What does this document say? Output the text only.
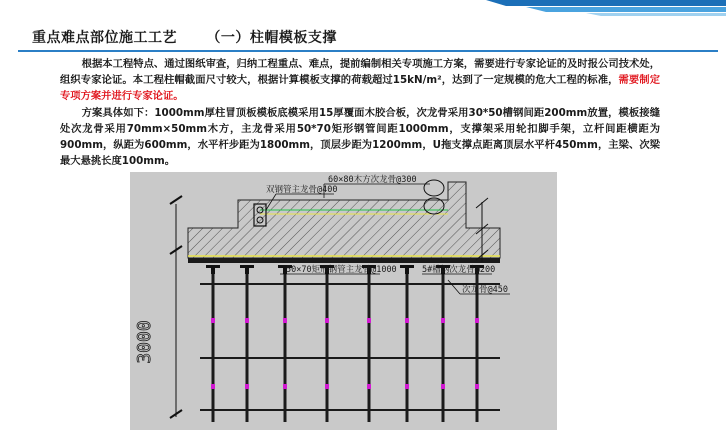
重点难点部位施工工艺 （一）柱帽模板支撑

根据本工程特点、通过图纸审查，归纳工程重点、难点，提前编制相关专项施工方案，需要进行专家论证的及时报公司技术处，组织专家论证。本工程柱帽截面尺寸较大，根据计算模板支撑的荷载超过15kN/m²，达到了一定规模的危大工程的标准，需要制定专项方案并进行专家论证。

方案具体如下：1000mm厚柱冒顶板模板底模采用15厚覆面木胶合板，次龙骨采用30*50槽钢间距200mm放置，模板接缝处次龙骨采用70mm×50mm木方，主龙骨采用50*70矩形钢管间距1000mm，支撑架采用轮扣脚手架，立杆间距横距为900mm，纵距为600mm，水平杆步距为1800mm，顶层步距为1200mm，U拖支撑点距离顶层水平杆450mm，主梁、次梁最大悬挑长度100mm。

3000
双钢管主龙骨@400
60×80木方次龙骨@300
50×70矩形钢管主龙骨@1000	5#槽钢次龙骨@200
次龙骨@450
